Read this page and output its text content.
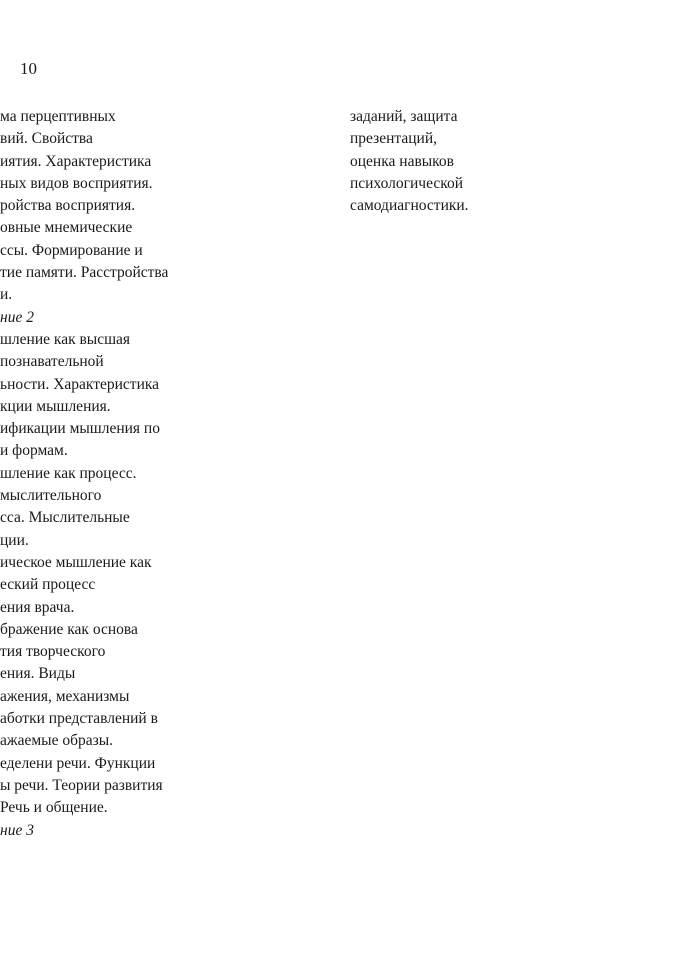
10
ма перцептивных
вий. Свойства
иятия. Характеристика
ных видов восприятия.
ройства восприятия.
овные мнемические
ссы. Формирование и
тие памяти. Расстройства
и.
ние 2
шление как высшая
познавательной
ьности. Характеристика
кции мышления.
ификации мышления по
и формам.
шление как процесс.
мыслительного
сса. Мыслительные
ции.
ическое мышление как
еский процесс
ения врача.
бражение как основа
тия творческого
ения. Виды
ажения, механизмы
аботки представлений в
ажаемые образы.
еделени речи. Функции
ы речи. Теории развития
Речь и общение.
ние 3
заданий, защита
презентаций,
оценка навыков
психологической
самодиагностики.
